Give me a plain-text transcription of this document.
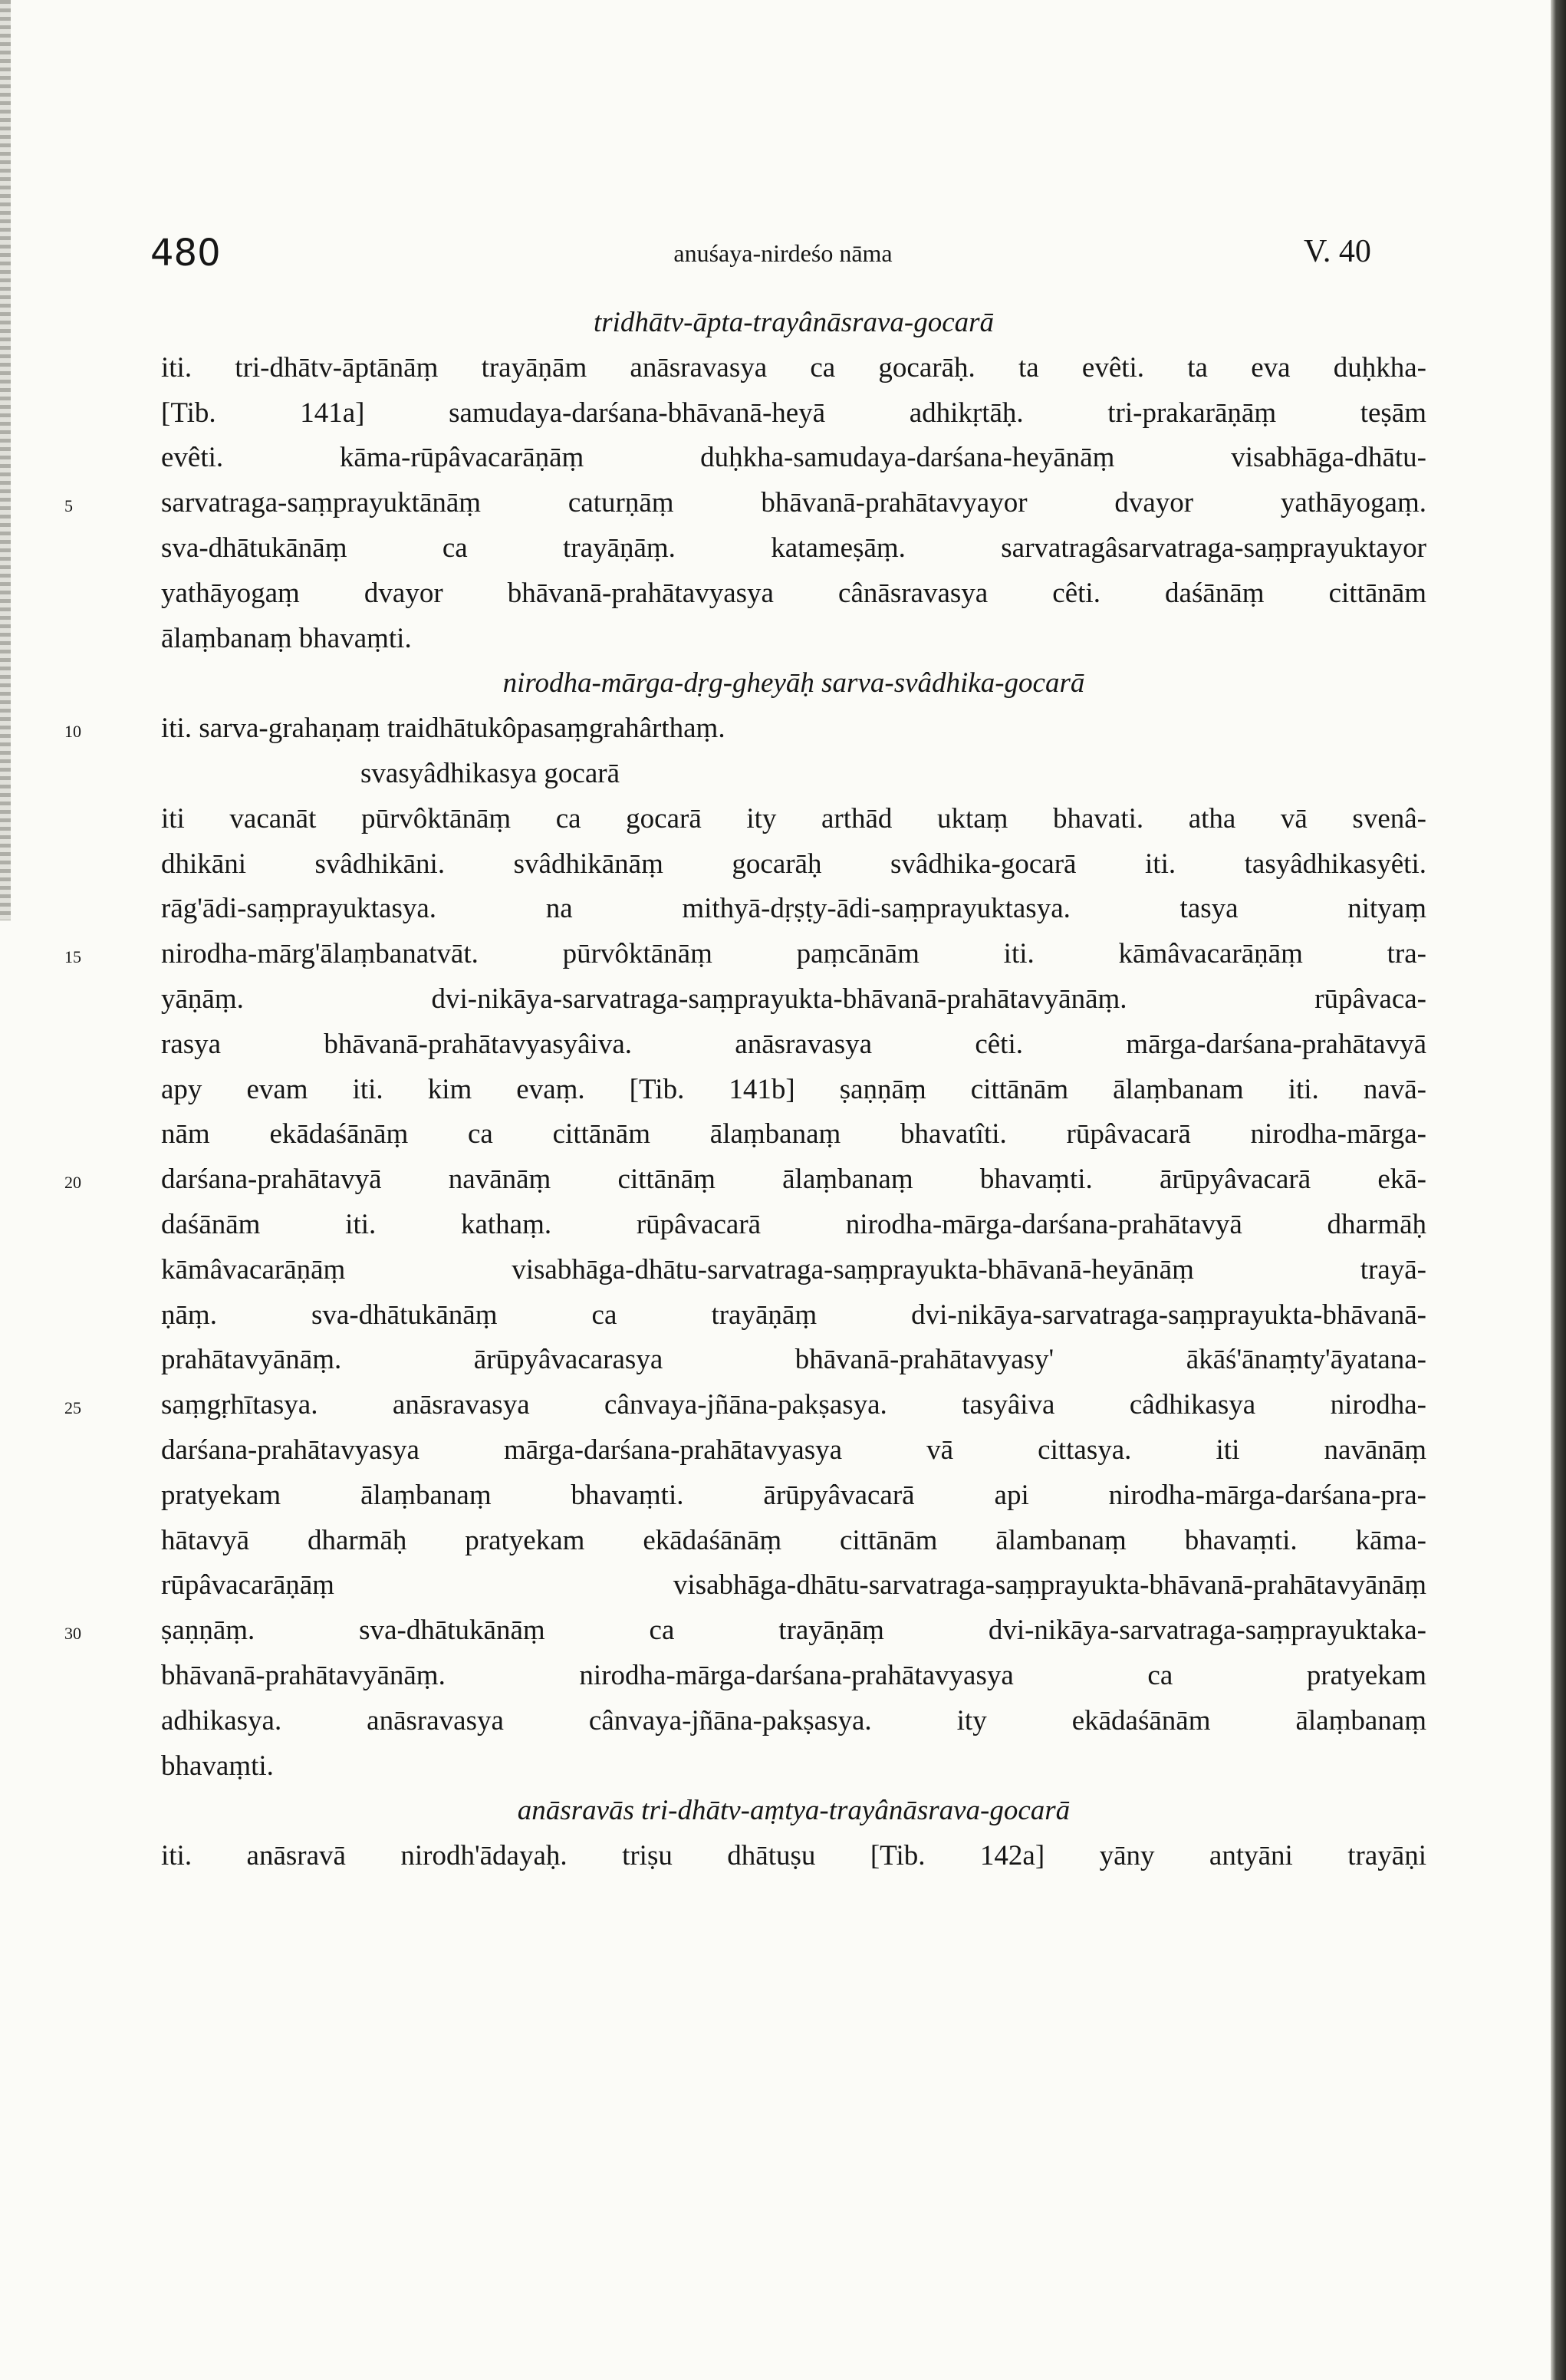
480	anuśaya-nirdeśo nāma	V. 40
tridhātv-āpta-trayânāsrava-gocarā
iti. tri-dhātv-āptānāṃ trayāṇām anāsravasya ca gocarāḥ. ta evêti. ta eva duḥkha-
[Tib. 141a] samudaya-darśana-bhāvanā-heyā adhikṛtāḥ. tri-prakarāṇāṃ teṣām
evêti. kāma-rūpâvacarāṇāṃ duḥkha-samudaya-darśana-heyānāṃ visabhāga-dhātu-
sarvatraga-saṃprayuktānāṃ caturṇāṃ bhāvanā-prahātavyayor dvayor yathāyogaṃ.
5
sva-dhātukānāṃ ca trayāṇāṃ. katameṣāṃ. sarvatragâsarvatraga-saṃprayuktayor
yathāyogaṃ dvayor bhāvanā-prahātavyasya cânāsravasya cêti. daśānāṃ cittānām
ālaṃbanaṃ bhavaṃti.
nirodha-mārga-dṛg-gheyāḥ sarva-svâdhika-gocarā
iti. sarva-grahaṇaṃ traidhātukôpasaṃgrahârthaṃ.
10
svasyâdhikasya gocarā
iti vacanāt pūrvôktānāṃ ca gocarā ity arthād uktaṃ bhavati. atha vā svenâ-
dhikāni svâdhikāni. svâdhikānāṃ gocarāḥ svâdhika-gocarā iti. tasyâdhikasyêti.
rāg'ādi-saṃprayuktasya. na mithyā-dṛṣṭy-ādi-saṃprayuktasya. tasya nityaṃ
nirodha-mārg'ālaṃbanatvāt. pūrvôktānāṃ paṃcānām iti. kāmâvacarāṇāṃ tra-
15
yāṇāṃ. dvi-nikāya-sarvatraga-saṃprayukta-bhāvanā-prahātavyānāṃ. rūpâvaca-
rasya bhāvanā-prahātavyasyâiva. anāsravasya cêti. mārga-darśana-prahātavyā
apy evam iti. kim evaṃ. [Tib. 141b] ṣaṇṇāṃ cittānām ālaṃbanam iti. navā-
nām ekādaśānāṃ ca cittānām ālaṃbanaṃ bhavatîti. rūpâvacarā nirodha-mārga-
darśana-prahātavyā navānāṃ cittānāṃ ālaṃbanaṃ bhavaṃti. ārūpyâvacarā ekā-
20
daśānām iti. kathaṃ. rūpâvacarā nirodha-mārga-darśana-prahātavyā dharmāḥ
kāmâvacarāṇāṃ visabhāga-dhātu-sarvatraga-saṃprayukta-bhāvanā-heyānāṃ trayā-
ṇāṃ. sva-dhātukānāṃ ca trayāṇāṃ dvi-nikāya-sarvatraga-saṃprayukta-bhāvanā-
prahātavyānāṃ. ārūpyâvacarasya bhāvanā-prahātavyasy' ākāś'ānaṃty'āyatana-
saṃgṛhītasya. anāsravasya cânvaya-jñāna-pakṣasya. tasyâiva câdhikasya nirodha-
25
darśana-prahātavyasya mārga-darśana-prahātavyasya vā cittasya. iti navānāṃ
pratyekam ālaṃbanaṃ bhavaṃti. ārūpyâvacarā api nirodha-mārga-darśana-pra-
hātavyā dharmāḥ pratyekam ekādaśānāṃ cittānām ālambanaṃ bhavaṃti. kāma-
rūpâvacarāṇāṃ visabhāga-dhātu-sarvatraga-saṃprayukta-bhāvanā-prahātavyānāṃ
ṣaṇṇāṃ. sva-dhātukānāṃ ca trayāṇāṃ dvi-nikāya-sarvatraga-saṃprayuktaka-
30
bhāvanā-prahātavyānāṃ. nirodha-mārga-darśana-prahātavyasya ca pratyekam
adhikasya. anāsravasya cânvaya-jñāna-pakṣasya. ity ekādaśānām ālaṃbanaṃ
bhavaṃti.
anāsravās tri-dhātv-aṃtya-trayânāsrava-gocarā
iti. anāsravā nirodh'ādayaḥ. triṣu dhātuṣu [Tib. 142a] yāny antyāni trayāṇi
